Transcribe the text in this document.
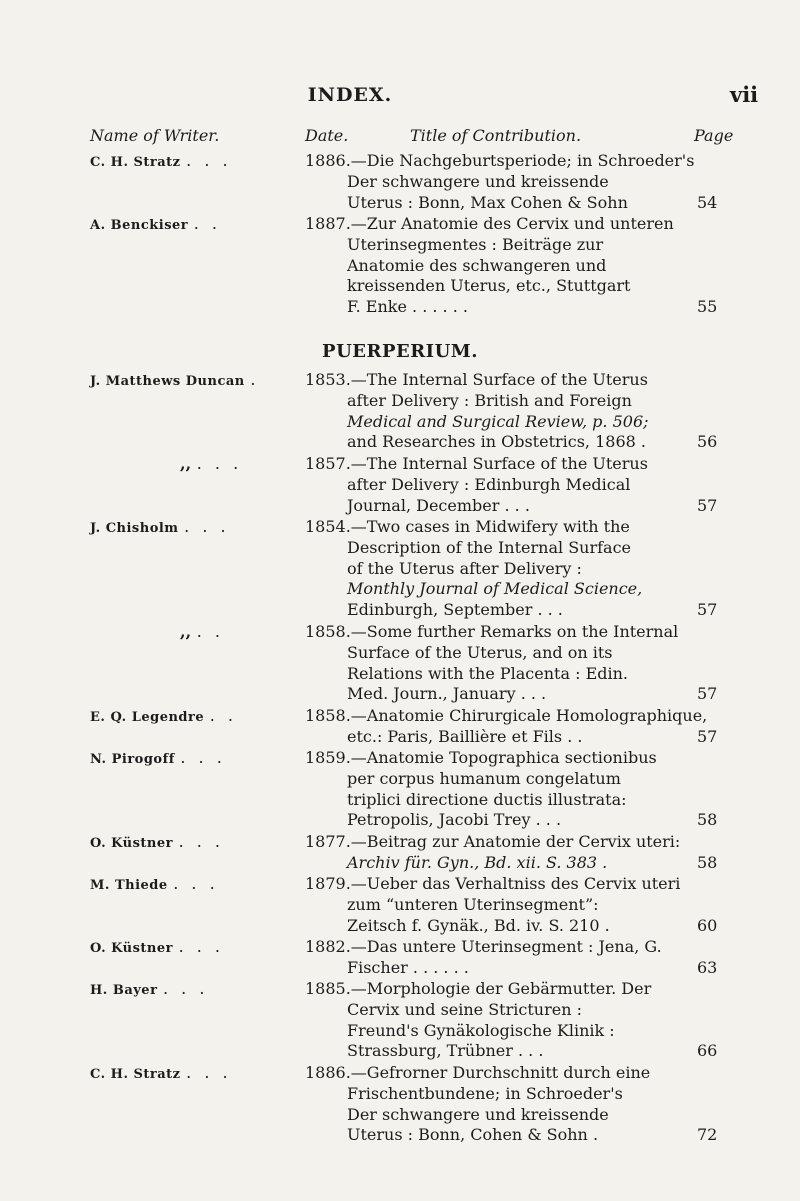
INDEX.	vii
Name of Writer.	Date.	Title of Contribution.	Page
C. H. Stratz . . .	1886.—Die Nachgeburtsperiode; in Schroeder's
Der schwangere und kreissende
Uterus : Bonn, Max Cohen & Sohn	54
A. Benckiser . .	1887.—Zur Anatomie des Cervix und unteren
Uterinsegmentes : Beiträge zur
Anatomie des schwangeren und
kreissenden Uterus, etc., Stuttgart
F. Enke . . . . . .	55
PUERPERIUM.
J. Matthews Duncan .	1853.—The Internal Surface of the Uterus
after Delivery : British and Foreign
Medical and Surgical Review, p. 506;
and Researches in Obstetrics, 1868 .	56
,, . . .	1857.—The Internal Surface of the Uterus
after Delivery : Edinburgh Medical
Journal, December . . .	57
J. Chisholm . . .	1854.—Two cases in Midwifery with the
Description of the Internal Surface
of the Uterus after Delivery :
Monthly Journal of Medical Science,
Edinburgh, September . . .	57
,, . .	1858.—Some further Remarks on the Internal
Surface of the Uterus, and on its
Relations with the Placenta : Edin.
Med. Journ., January . . .	57
E. Q. Legendre . .	1858.—Anatomie Chirurgicale Homolographique,
etc.: Paris, Baillière et Fils . .	57
N. Pirogoff . . .	1859.—Anatomie Topographica sectionibus
per corpus humanum congelatum
triplici directione ductis illustrata:
Petropolis, Jacobi Trey . . .	58
O. Küstner . . .	1877.—Beitrag zur Anatomie der Cervix uteri:
Archiv für. Gyn., Bd. xii. S. 383 .	58
M. Thiede . . .	1879.—Ueber das Verhaltniss des Cervix uteri
zum “unteren Uterinsegment”:
Zeitsch f. Gynäk., Bd. iv. S. 210 .	60
O. Küstner . . .	1882.—Das untere Uterinsegment : Jena, G.
Fischer . . . . . .	63
H. Bayer . . .	1885.—Morphologie der Gebärmutter. Der
Cervix und seine Stricturen :
Freund's Gynäkologische Klinik :
Strassburg, Trübner . . .	66
C. H. Stratz . . .	1886.—Gefrorner Durchschnitt durch eine
Frischentbundene; in Schroeder's
Der schwangere und kreissende
Uterus : Bonn, Cohen & Sohn .	72
